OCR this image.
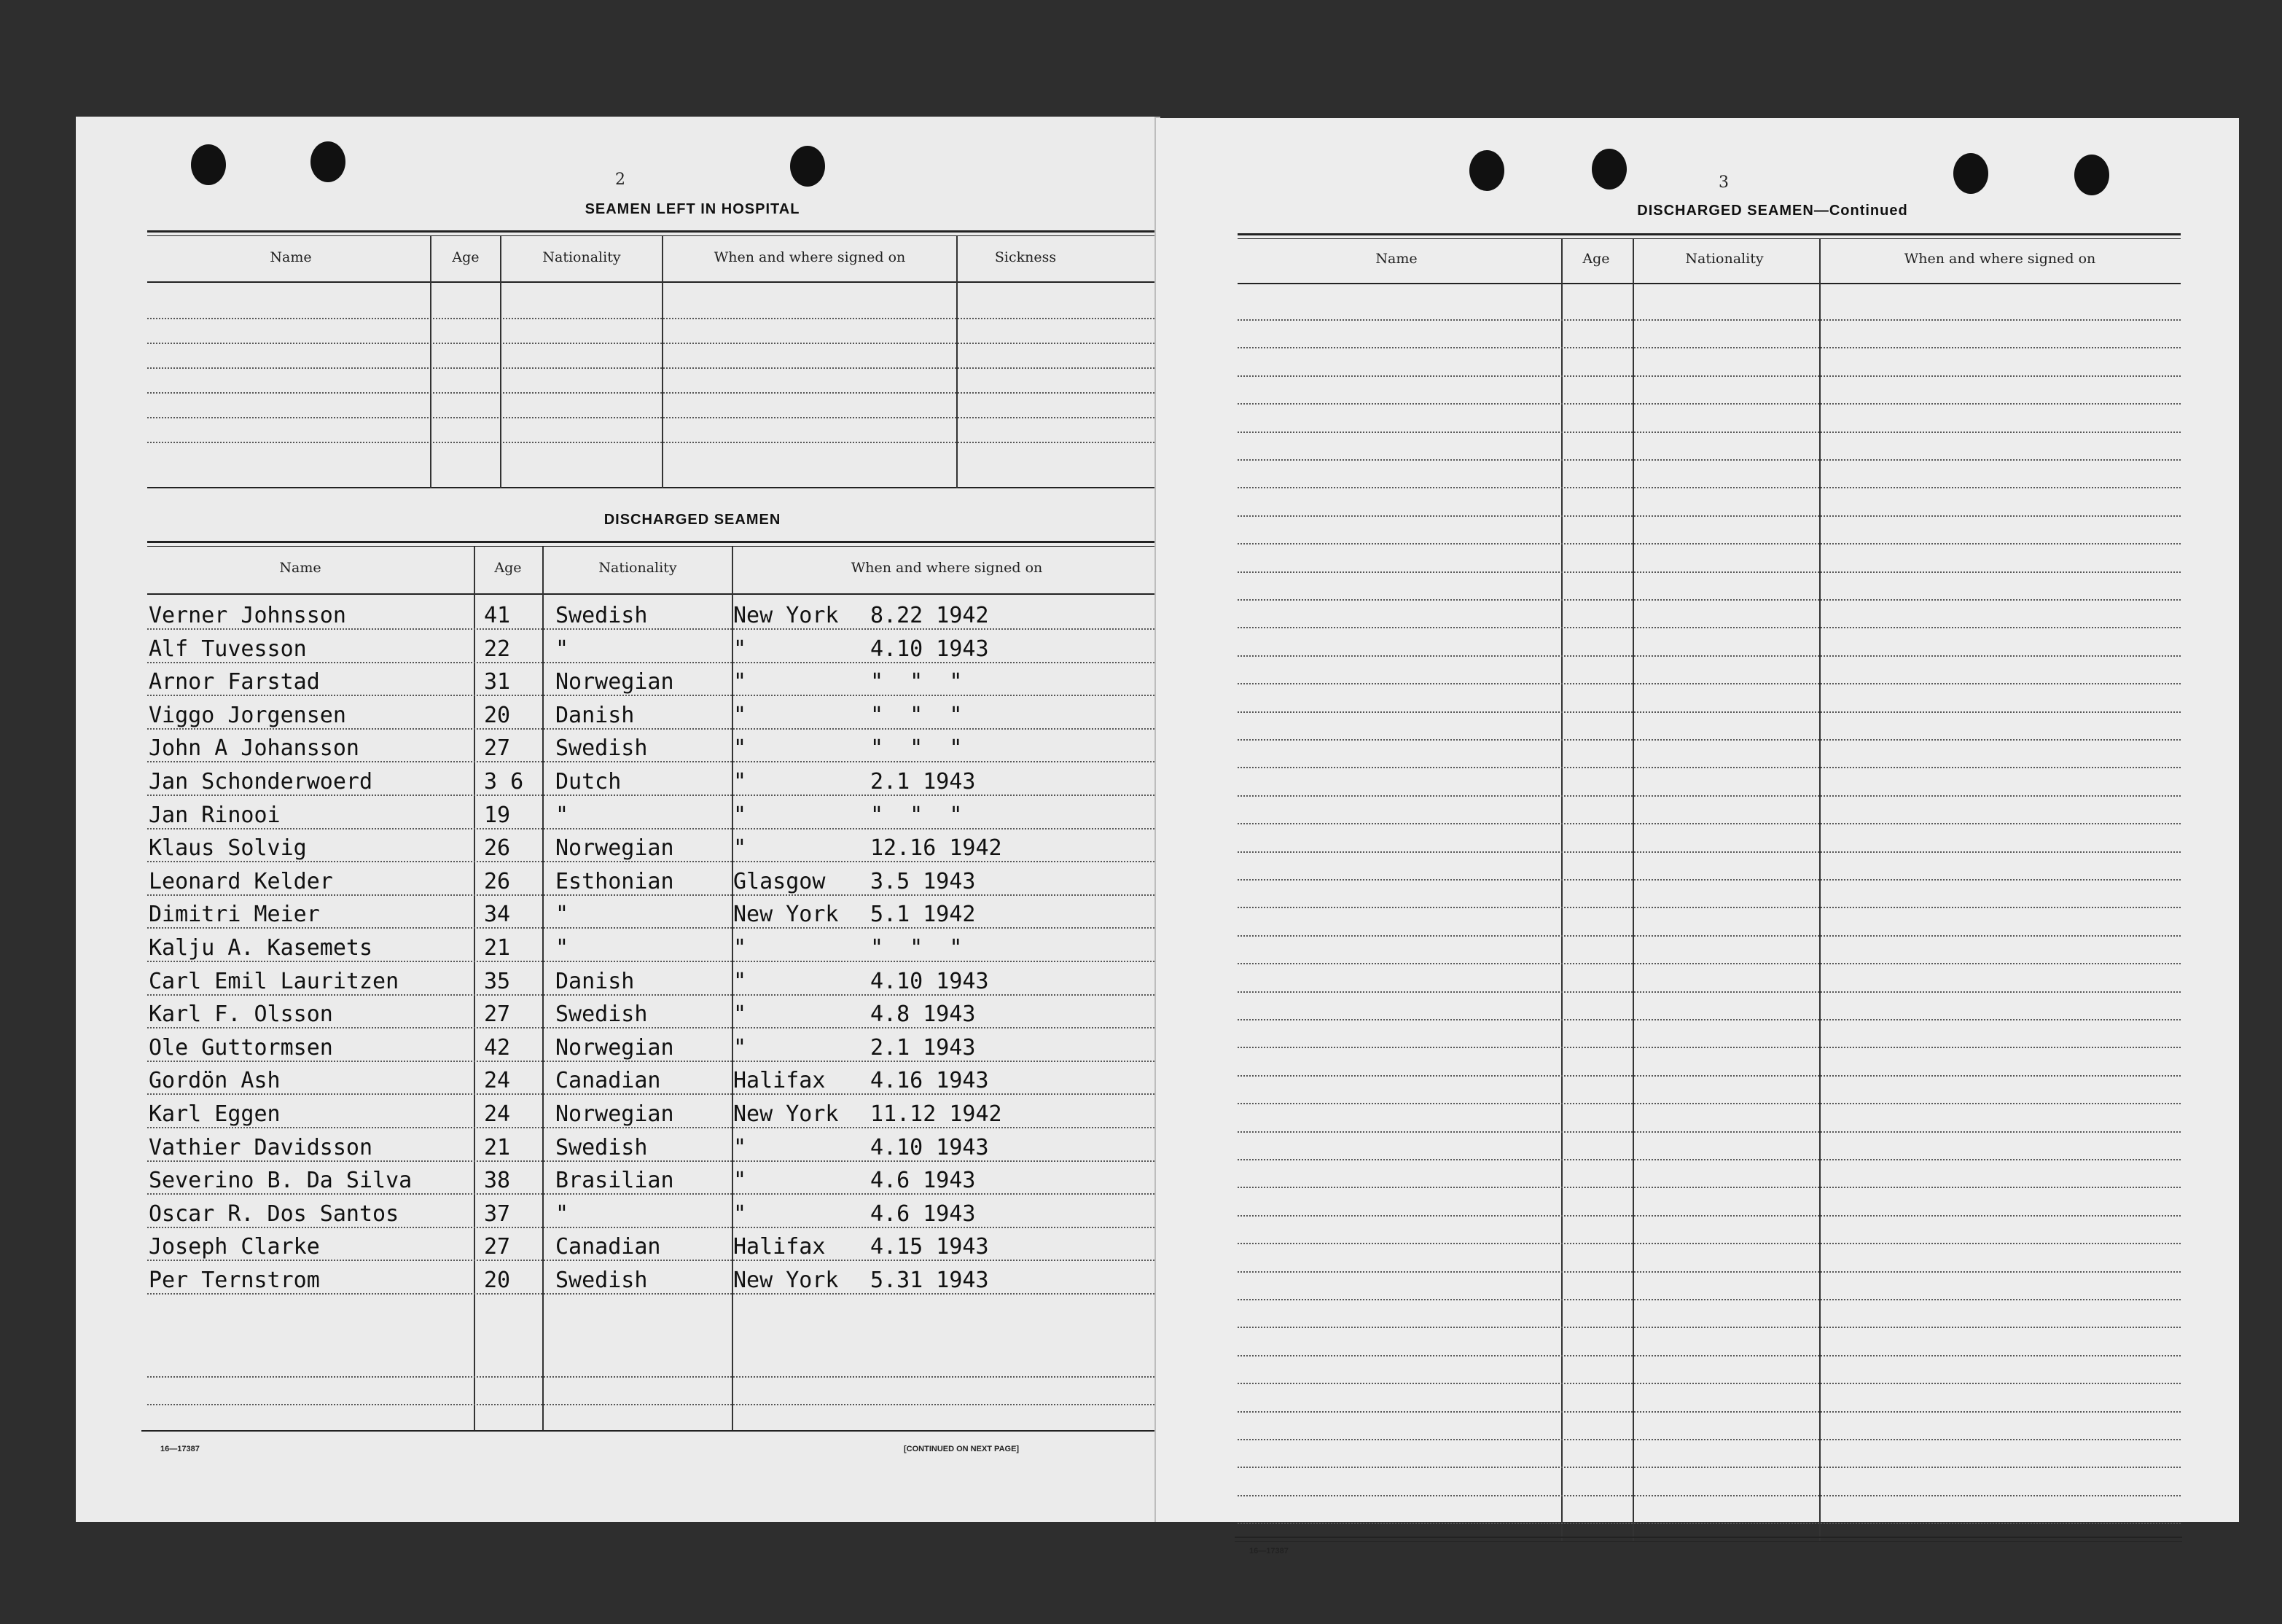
2
SEAMEN LEFT IN HOSPITAL
Name	Age	Nationality	When and where signed on	Sickness
DISCHARGED SEAMEN
Name	Age	Nationality	When and where signed on
Verner Johnsson	41	Swedish	New York	8.22 1942
Alf Tuvesson	22	"	"	4.10 1943
Arnor Farstad	31	Norwegian	"	"  "  "
Viggo Jorgensen	20	Danish	"	"  "  "
John A Johansson	27	Swedish	"	"  "  "
Jan Schonderwoerd	3 6	Dutch	"	2.1 1943
Jan Rinooi	19	"	"	"  "  "
Klaus Solvig	26	Norwegian	"	12.16 1942
Leonard Kelder	26	Esthonian	Glasgow	3.5 1943
Dimitri Meier	34	"	New York	5.1 1942
Kalju A. Kasemets	21	"	"	"  "  "
Carl Emil Lauritzen	35	Danish	"	4.10 1943
Karl F. Olsson	27	Swedish	"	4.8 1943
Ole Guttormsen	42	Norwegian	"	2.1 1943
Gordön Ash	24	Canadian	Halifax	4.16 1943
Karl Eggen	24	Norwegian	New York	11.12 1942
Vathier Davidsson	21	Swedish	"	4.10 1943
Severino B. Da Silva	38	Brasilian	"	4.6 1943
Oscar R. Dos Santos	37	"	"	4.6 1943
Joseph Clarke	27	Canadian	Halifax	4.15 1943
Per Ternstrom	20	Swedish	New York	5.31 1943
16—17387	[CONTINUED ON NEXT PAGE]
3
DISCHARGED SEAMEN—Continued
Name	Age	Nationality	When and where signed on
16—17387
